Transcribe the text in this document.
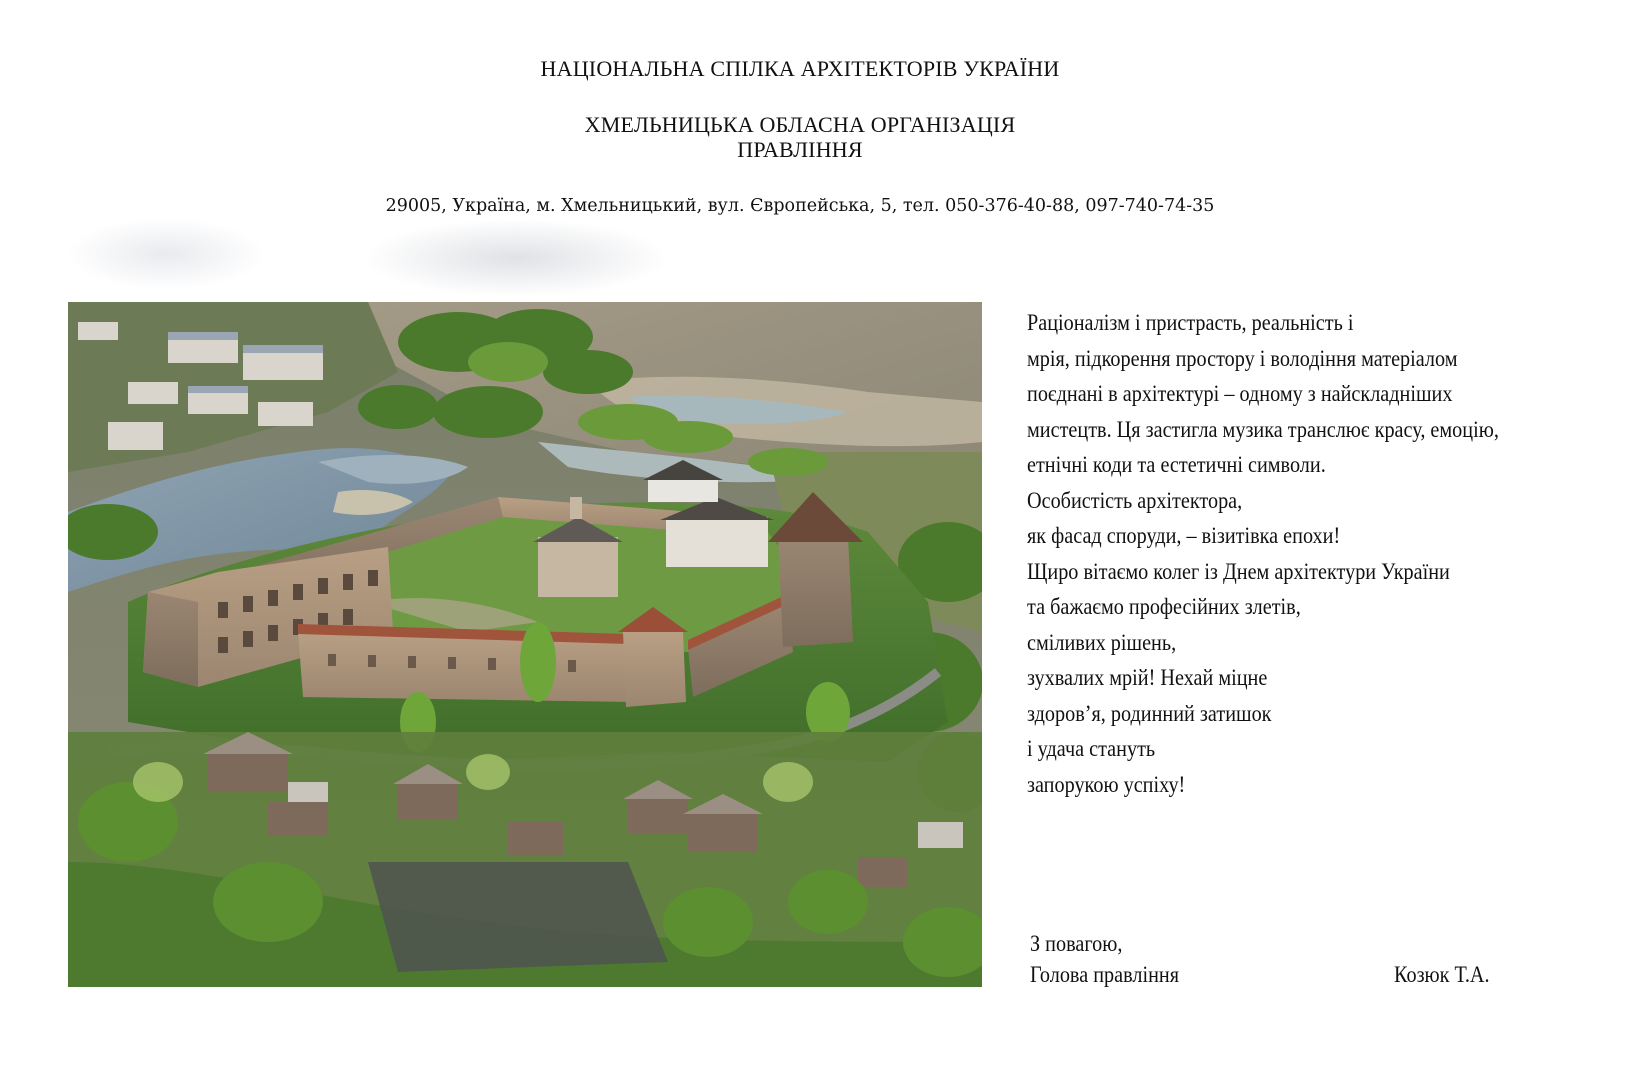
НАЦІОНАЛЬНА СПІЛКА АРХІТЕКТОРІВ УКРАЇНИ

ХМЕЛЬНИЦЬКА ОБЛАСНА ОРГАНІЗАЦІЯ
ПРАВЛІННЯ

29005, Україна, м. Хмельницький, вул. Європейська, 5, тел. 050-376-40-88, 097-740-74-35

Раціоналізм і пристрасть, реальність і
мрія, підкорення простору і володіння матеріалом
поєднані в архітектурі – одному з найскладніших
мистецтв. Ця застигла музика транслює красу, емоцію,
етнічні коди та естетичні символи.
Особистість архітектора,
як фасад споруди, – візитівка епохи!
Щиро вітаємо колег із Днем архітектури України
та бажаємо професійних злетів,
сміливих рішень,
зухвалих мрій! Нехай міцне
здоров’я, родинний затишок
і удача стануть
запорукою успіху!
З повагою,
Голова правління	Козюк Т.А.
